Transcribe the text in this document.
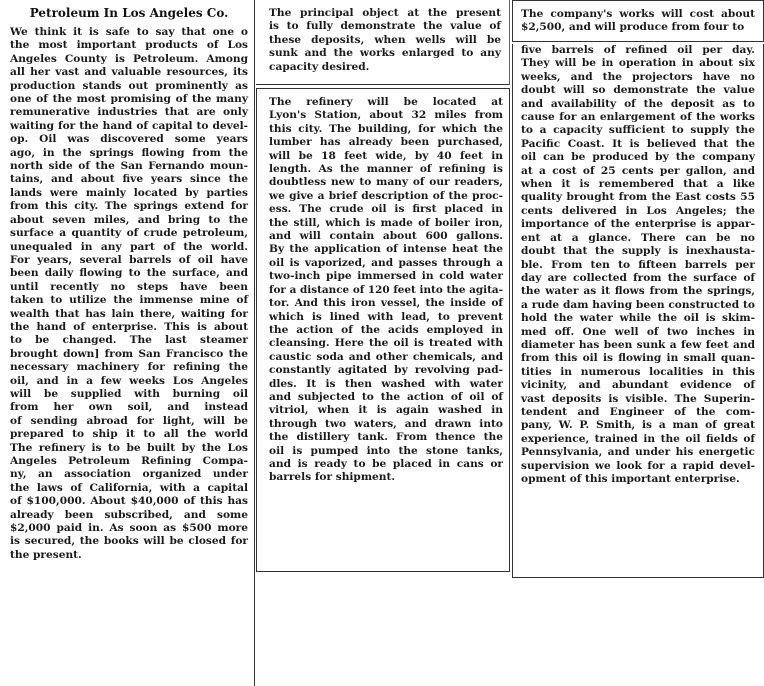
Petroleum In Los Angeles Co.

We think it is safe to say that one o
the most important products of Los
Angeles County is Petroleum. Among
all her vast and valuable resources, its
production stands out prominently as
one of the most promising of the many
remunerative industries that are only
waiting for the hand of capital to devel-
op. Oil was discovered some years
ago, in the springs flowing from the
north side of the San Fernando moun-
tains, and about five years since the
lands were mainly located by parties
from this city. The springs extend for
about seven miles, and bring to the
surface a quantity of crude petroleum,
unequaled in any part of the world.
For years, several barrels of oil have
been daily flowing to the surface, and
until recently no steps have been
taken to utilize the immense mine of
wealth that has lain there, waiting for
the hand of enterprise. This is about
to be changed. The last steamer
brought down] from San Francisco the
necessary machinery for refining the
oil, and in a few weeks Los Angeles
will be supplied with burning oil
from her own soil, and instead
of sending abroad for light, will be
prepared to ship it to all the world
The refinery is to be built by the Los
Angeles Petroleum Refining Compa-
ny, an association organized under
the laws of California, with a capital
of $100,000. About $40,000 of this has
already been subscribed, and some
$2,000 paid in. As soon as $500 more
is secured, the books will be closed for
the present.

The principal object at the present
is to fully demonstrate the value of
these deposits, when wells will be
sunk and the works enlarged to any
capacity desired.

The refinery will be located at
Lyon's Station, about 32 miles from
this city. The building, for which the
lumber has already been purchased,
will be 18 feet wide, by 40 feet in
length. As the manner of refining is
doubtless new to many of our readers,
we give a brief description of the proc-
ess. The crude oil is first placed in
the still, which is made of boiler iron,
and will contain about 600 gallons.
By the application of intense heat the
oil is vaporized, and passes through a
two-inch pipe immersed in cold water
for a distance of 120 feet into the agita-
tor. And this iron vessel, the inside of
which is lined with lead, to prevent
the action of the acids employed in
cleansing. Here the oil is treated with
caustic soda and other chemicals, and
constantly agitated by revolving pad-
dles. It is then washed with water
and subjected to the action of oil of
vitriol, when it is again washed in
through two waters, and drawn into
the distillery tank. From thence the
oil is pumped into the stone tanks,
and is ready to be placed in cans or
barrels for shipment.

The company's works will cost about
$2,500, and will produce from four to

five barrels of refined oil per day.
They will be in operation in about six
weeks, and the projectors have no
doubt will so demonstrate the value
and availability of the deposit as to
cause for an enlargement of the works
to a capacity sufficient to supply the
Pacific Coast. It is believed that the
oil can be produced by the company
at a cost of 25 cents per gallon, and
when it is remembered that a like
quality brought from the East costs 55
cents delivered in Los Angeles; the
importance of the enterprise is appar-
ent at a glance. There can be no
doubt that the supply is inexhausta-
ble. From ten to fifteen barrels per
day are collected from the surface of
the water as it flows from the springs,
a rude dam having been constructed to
hold the water while the oil is skim-
med off. One well of two inches in
diameter has been sunk a few feet and
from this oil is flowing in small quan-
tities in numerous localities in this
vicinity, and abundant evidence of
vast deposits is visible. The Superin-
tendent and Engineer of the com-
pany, W. P. Smith, is a man of great
experience, trained in the oil fields of
Pennsylvania, and under his energetic
supervision we look for a rapid devel-
opment of this important enterprise.
